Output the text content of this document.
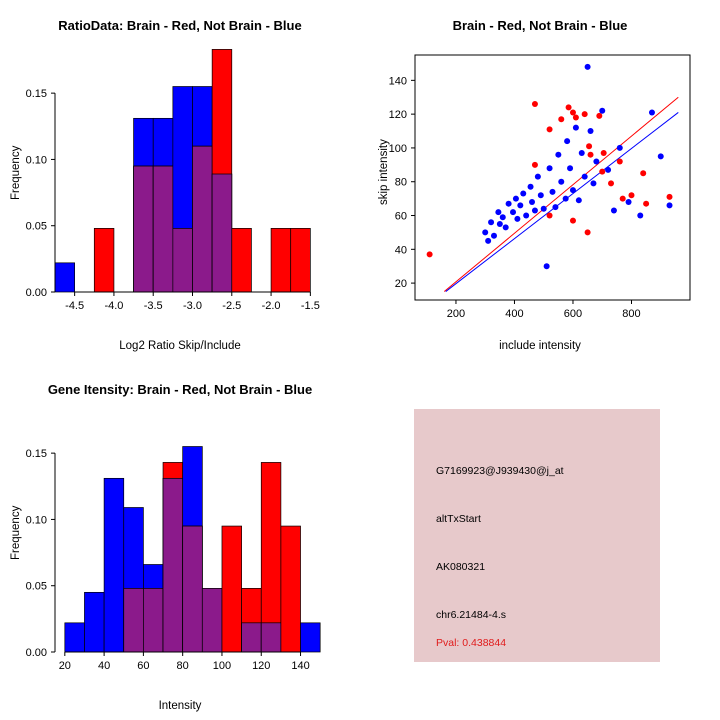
RatioData: Brain - Red, Not Brain - Blue
Frequency
Log2 Ratio Skip/Include
-4.5 -4.0 -3.5 -3.0 -2.5 -2.0 -1.5
0.00
0.05
0.10
0.15
Brain - Red, Not Brain - Blue
skip intensity
include intensity
200	400	600	800
20
40
60
80
100
120
140
Gene Itensity: Brain - Red, Not Brain - Blue
Frequency
Intensity
20 40 60 80 100 120 140
0.00
0.05
0.10
0.15
G7169923@J939430@j_at
altTxStart
AK080321
chr6.21484-4.s
Pval: 0.438844
